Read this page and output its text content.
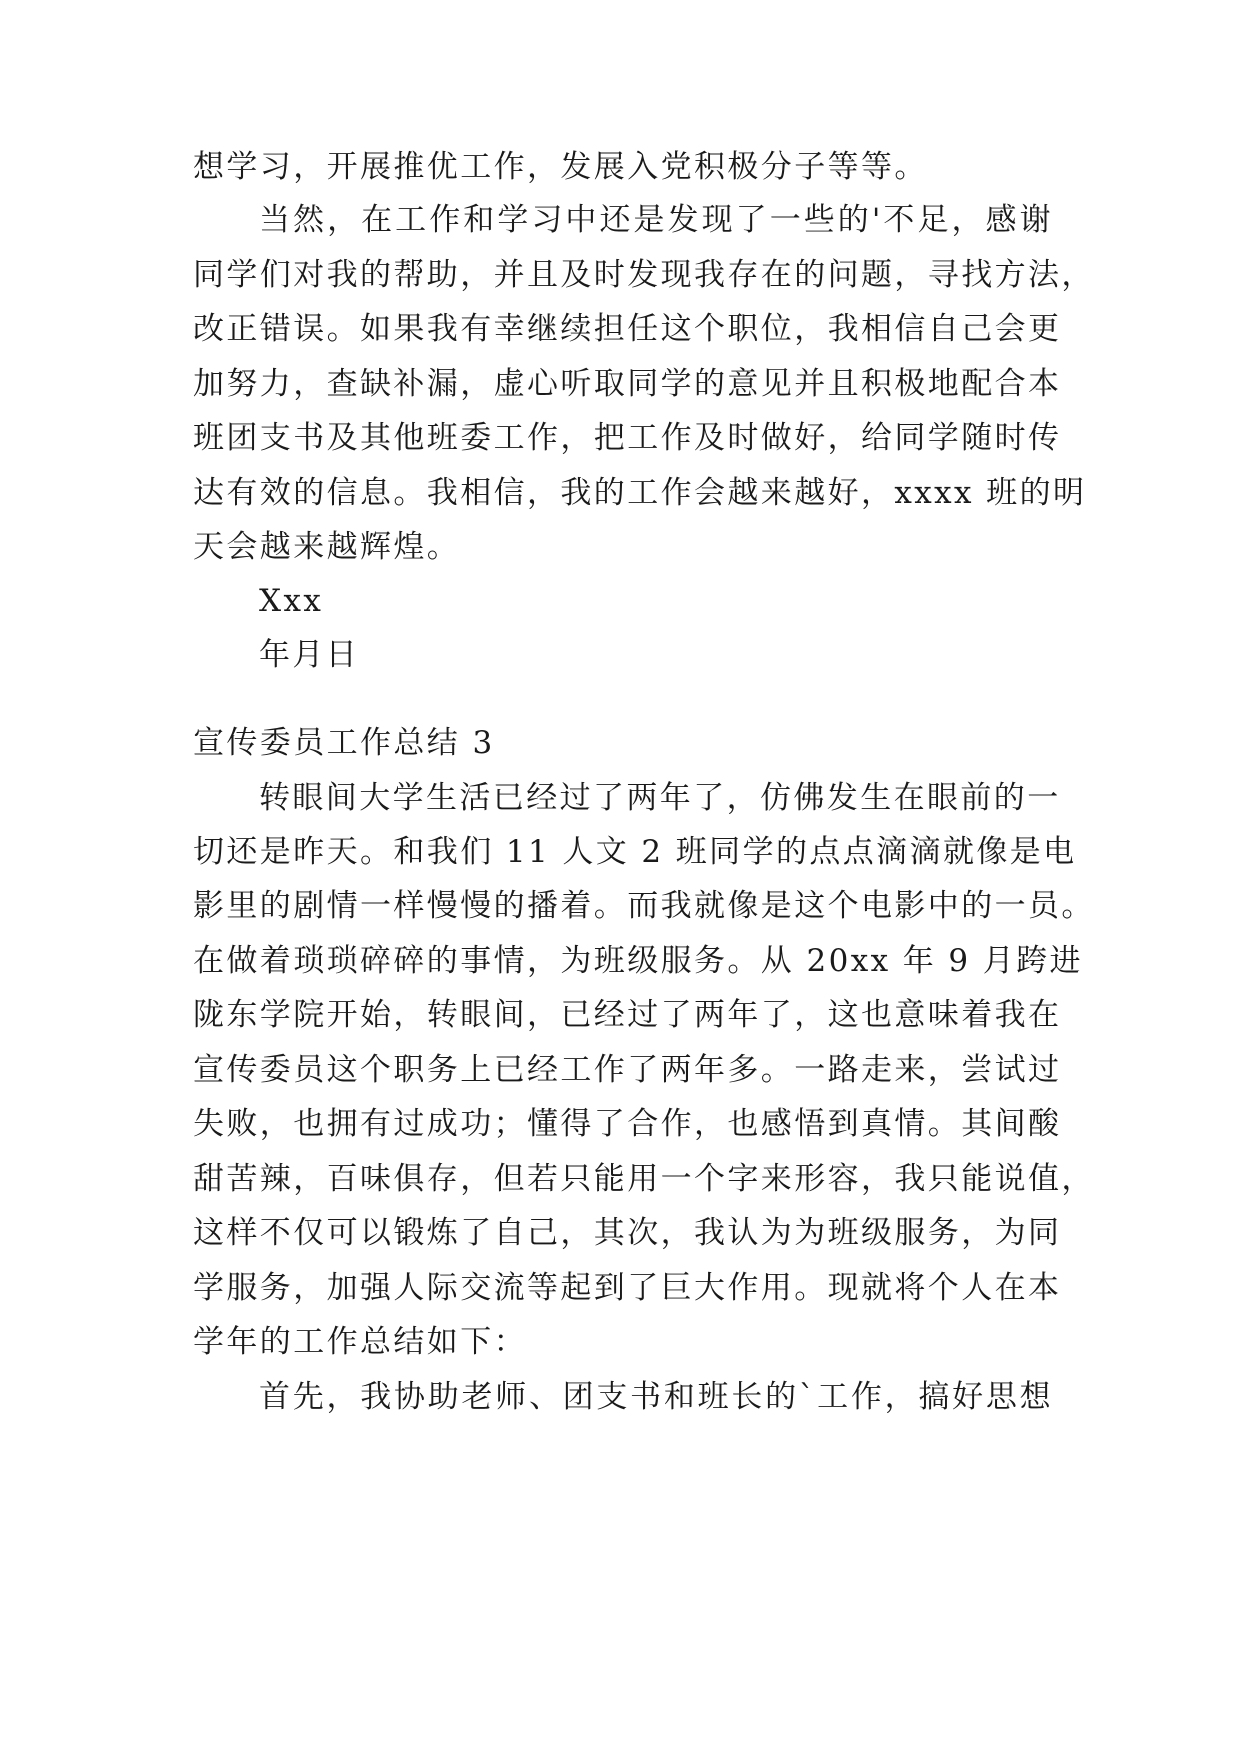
想学习，开展推优工作，发展入党积极分子等等。
当然，在工作和学习中还是发现了一些的'不足，感谢
同学们对我的帮助，并且及时发现我存在的问题，寻找方法，
改正错误。如果我有幸继续担任这个职位，我相信自己会更
加努力，查缺补漏，虚心听取同学的意见并且积极地配合本
班团支书及其他班委工作，把工作及时做好，给同学随时传
达有效的信息。我相信，我的工作会越来越好，xxxx 班的明
天会越来越辉煌。
Xxx
年月日
宣传委员工作总结 3
转眼间大学生活已经过了两年了，仿佛发生在眼前的一
切还是昨天。和我们 11 人文 2 班同学的点点滴滴就像是电
影里的剧情一样慢慢的播着。而我就像是这个电影中的一员。
在做着琐琐碎碎的事情，为班级服务。从 20xx 年 9 月跨进
陇东学院开始，转眼间，已经过了两年了，这也意味着我在
宣传委员这个职务上已经工作了两年多。一路走来，尝试过
失败，也拥有过成功；懂得了合作，也感悟到真情。其间酸
甜苦辣，百味俱存，但若只能用一个字来形容，我只能说值，
这样不仅可以锻炼了自己，其次，我认为为班级服务，为同
学服务，加强人际交流等起到了巨大作用。现就将个人在本
学年的工作总结如下：
首先，我协助老师、团支书和班长的`工作，搞好思想
